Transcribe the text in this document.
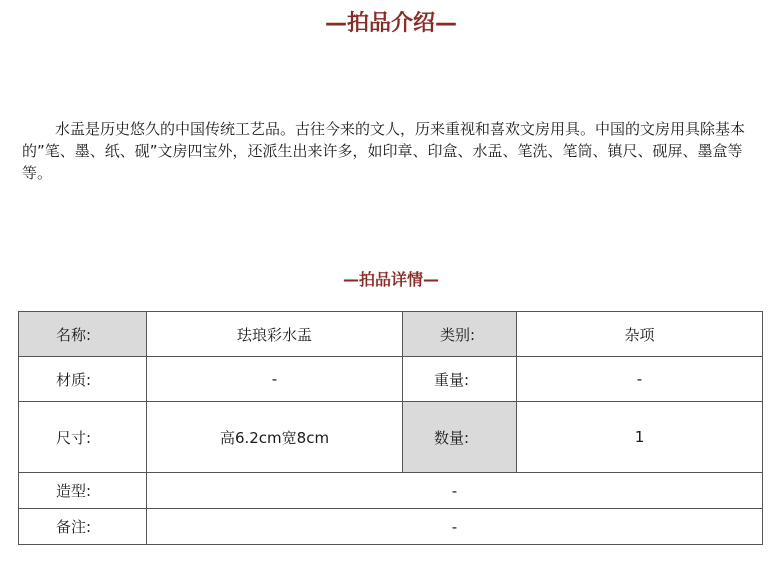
—拍品介绍—

水盂是历史悠久的中国传统工艺品。古往今来的文人，历来重视和喜欢文房用具。中国的文房用具除基本的”笔、墨、纸、砚”文房四宝外，还派生出来许多，如印章、印盒、水盂、笔洗、笔筒、镇尺、砚屏、墨盒等等。

—拍品详情—
名称:	珐琅彩水盂	类别:	杂项
材质:	-	重量:	-
尺寸:	高6.2cm宽8cm	数量:	1
造型:	-		
备注:	-		
